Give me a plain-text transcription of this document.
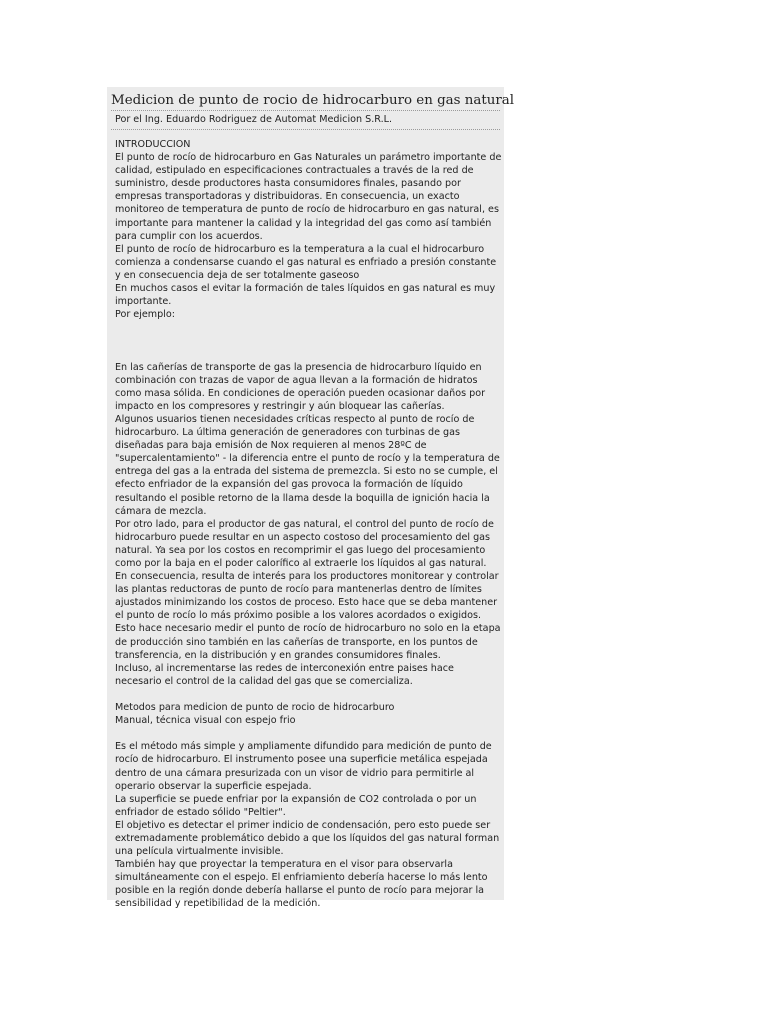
Medicion de punto de rocio de hidrocarburo en gas natural
Por el Ing. Eduardo Rodriguez de Automat Medicion S.R.L.
INTRODUCCION
El punto de rocío de hidrocarburo en Gas Naturales un parámetro importante de
calidad, estipulado en especificaciones contractuales a través de la red de
suministro, desde productores hasta consumidores finales, pasando por
empresas transportadoras y distribuidoras. En consecuencia, un exacto
monitoreo de temperatura de punto de rocío de hidrocarburo en gas natural, es
importante para mantener la calidad y la integridad del gas como así también
para cumplir con los acuerdos.
El punto de rocío de hidrocarburo es la temperatura a la cual el hidrocarburo
comienza a condensarse cuando el gas natural es enfriado a presión constante
y en consecuencia deja de ser totalmente gaseoso
En muchos casos el evitar la formación de tales líquidos en gas natural es muy
importante.
Por ejemplo:
En las cañerías de transporte de gas la presencia de hidrocarburo líquido en
combinación con trazas de vapor de agua llevan a la formación de hidratos
como masa sólida. En condiciones de operación pueden ocasionar daños por
impacto en los compresores y restringir y aún bloquear las cañerías.
Algunos usuarios tienen necesidades críticas respecto al punto de rocío de
hidrocarburo. La última generación de generadores con turbinas de gas
diseñadas para baja emisión de Nox requieren al menos 28ºC de
"supercalentamiento" - la diferencia entre el punto de rocío y la temperatura de
entrega del gas a la entrada del sistema de premezcla. Si esto no se cumple, el
efecto enfriador de la expansión del gas provoca la formación de líquido
resultando el posible retorno de la llama desde la boquilla de ignición hacia la
cámara de mezcla.
Por otro lado, para el productor de gas natural, el control del punto de rocío de
hidrocarburo puede resultar en un aspecto costoso del procesamiento del gas
natural. Ya sea por los costos en recomprimir el gas luego del procesamiento
como por la baja en el poder calorífico al extraerle los líquidos al gas natural.
En consecuencia, resulta de interés para los productores monitorear y controlar
las plantas reductoras de punto de rocío para mantenerlas dentro de límites
ajustados minimizando los costos de proceso. Esto hace que se deba mantener
el punto de rocío lo más próximo posible a los valores acordados o exigidos.
Esto hace necesario medir el punto de rocío de hidrocarburo no solo en la etapa
de producción sino también en las cañerías de transporte, en los puntos de
transferencia, en la distribución y en grandes consumidores finales.
Incluso, al incrementarse las redes de interconexión entre paises hace
necesario el control de la calidad del gas que se comercializa.
Metodos para medicion de punto de rocio de hidrocarburo
Manual, técnica visual con espejo frio
Es el método más simple y ampliamente difundido para medición de punto de
rocío de hidrocarburo. El instrumento posee una superficie metálica espejada
dentro de una cámara presurizada con un visor de vidrio para permitirle al
operario observar la superficie espejada.
La superficie se puede enfriar por la expansión de CO2 controlada o por un
enfriador de estado sólido "Peltier".
El objetivo es detectar el primer indicio de condensación, pero esto puede ser
extremadamente problemático debido a que los líquidos del gas natural forman
una película virtualmente invisible.
También hay que proyectar la temperatura en el visor para observarla
simultáneamente con el espejo. El enfriamiento debería hacerse lo más lento
posible en la región donde debería hallarse el punto de rocío para mejorar la
sensibilidad y repetibilidad de la medición.
